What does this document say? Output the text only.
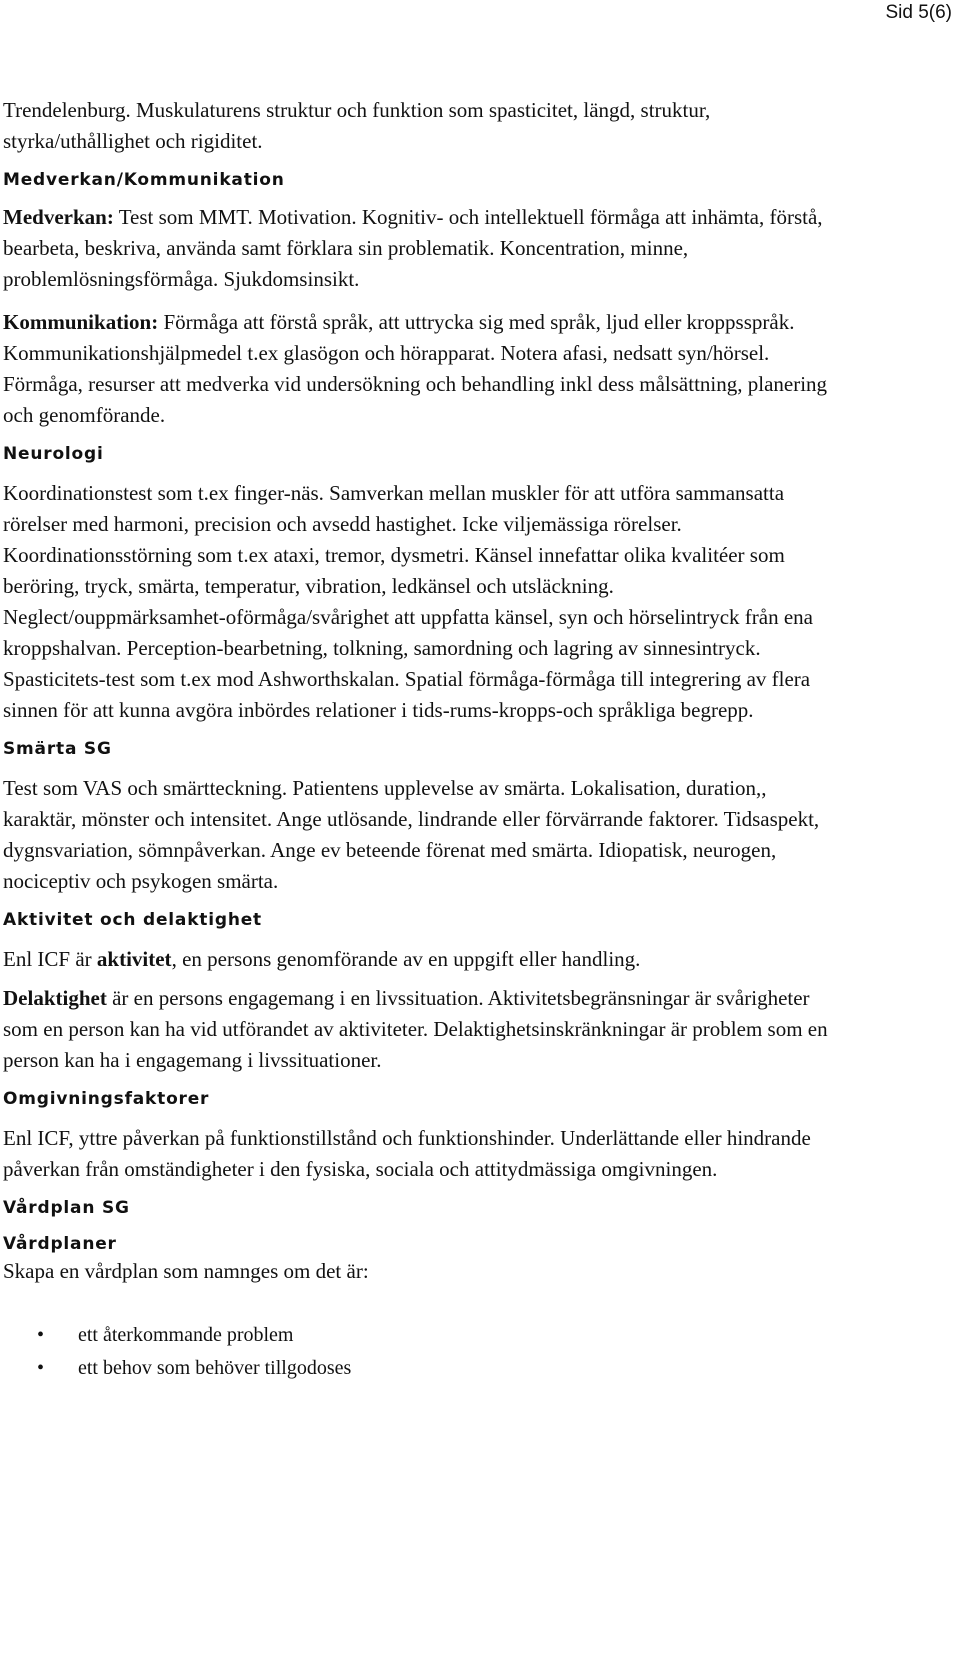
Sid 5(6)

Trendelenburg. Muskulaturens struktur och funktion som spasticitet, längd, struktur, styrka/uthållighet och rigiditet.

Medverkan/Kommunikation

Medverkan: Test som MMT. Motivation. Kognitiv- och intellektuell förmåga att inhämta, förstå, bearbeta, beskriva, använda samt förklara sin problematik. Koncentration, minne, problemlösningsförmåga. Sjukdomsinsikt.

Kommunikation: Förmåga att förstå språk, att uttrycka sig med språk, ljud eller kroppsspråk. Kommunikationshjälpmedel t.ex glasögon och hörapparat. Notera afasi, nedsatt syn/hörsel. Förmåga, resurser att medverka vid undersökning och behandling inkl dess målsättning, planering och genomförande.

Neurologi

Koordinationstest som t.ex finger-näs. Samverkan mellan muskler för att utföra sammansatta rörelser med harmoni, precision och avsedd hastighet. Icke viljemässiga rörelser. Koordinationsstörning som t.ex ataxi, tremor, dysmetri. Känsel innefattar olika kvalitéer som beröring, tryck, smärta, temperatur, vibration, ledkänsel och utsläckning. Neglect/ouppmärksamhet-oförmåga/svårighet att uppfatta känsel, syn och hörselintryck från ena kroppshalvan. Perception-bearbetning, tolkning, samordning och lagring av sinnesintryck. Spasticitets-test som t.ex mod Ashworthskalan. Spatial förmåga-förmåga till integrering av flera sinnen för att kunna avgöra inbördes relationer i tids-rums-kropps-och språkliga begrepp.

Smärta SG

Test som VAS och smärtteckning. Patientens upplevelse av smärta. Lokalisation, duration,, karaktär, mönster och intensitet. Ange utlösande, lindrande eller förvärrande faktorer. Tidsaspekt, dygnsvariation, sömnpåverkan. Ange ev beteende förenat med smärta. Idiopatisk, neurogen, nociceptiv och psykogen smärta.

Aktivitet och delaktighet

Enl ICF är aktivitet, en persons genomförande av en uppgift eller handling.

Delaktighet är en persons engagemang i en livssituation. Aktivitetsbegränsningar är svårigheter som en person kan ha vid utförandet av aktiviteter. Delaktighetsinskränkningar är problem som en person kan ha i engagemang i livssituationer.

Omgivningsfaktorer

Enl ICF, yttre påverkan på funktionstillstånd och funktionshinder. Underlättande eller hindrande påverkan från omständigheter i den fysiska, sociala och attitydmässiga omgivningen.

Vårdplan SG

Vårdplaner

Skapa en vårdplan som namnges om det är:

• ett återkommande problem
• ett behov som behöver tillgodoses
